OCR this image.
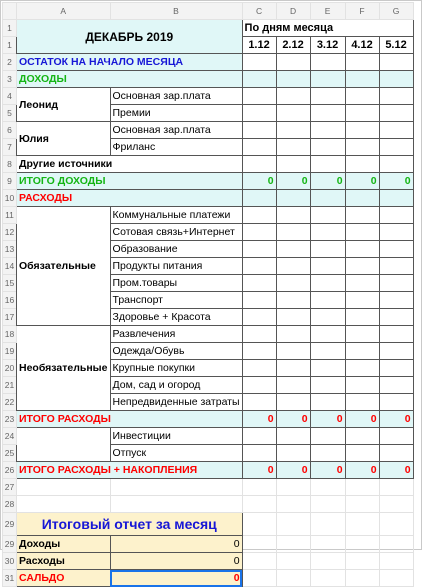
	A	B	C	D	E	F	G
1	ДЕКАБРЬ 2019		По дням месяца				
1			1.12	2.12	3.12	4.12	5.12
2	ОСТАТОК НА НАЧАЛО МЕСЯЦА						
3	ДОХОДЫ						
4	Леонид	Основная зар.плата					
5		Премии					
6	Юлия	Основная зар.плата					
7		Фриланс					
8	Другие источники						
9	ИТОГО ДОХОДЫ		0	0	0	0	0
10	РАСХОДЫ						
11	Обязательные	Коммунальные платежи					
12		Сотовая связь+Интернет					
13		Образование					
14		Продукты питания					
15		Пром.товары					
16		Транспорт					
17		Здоровье + Красота					
18	Необязательные	Развлечения					
19		Одежда/Обувь					
20		Крупные покупки					
21		Дом, сад и огород					
22		Непредвиденные затраты					
23	ИТОГО РАСХОДЫ		0	0	0	0	0
24		Инвестиции					
25		Отпуск					
26	ИТОГО РАСХОДЫ + НАКОПЛЕНИЯ		0	0	0	0	0
27							
28							
29	Итоговый отчет за месяц						
29	Доходы	0					
30	Расходы	0					
31	САЛЬДО	0					
